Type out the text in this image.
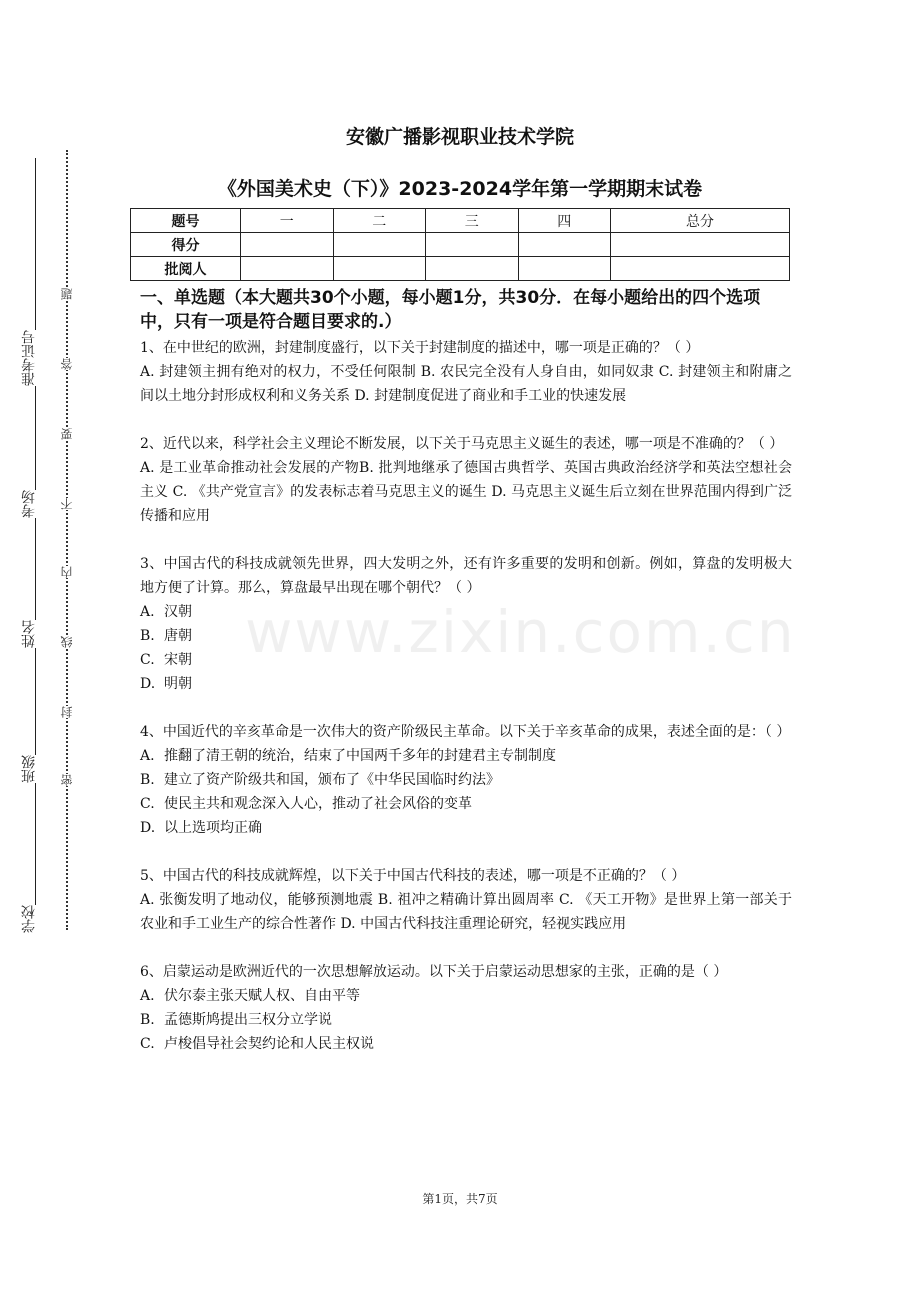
准考证号
考场
姓名
班级
学校
题
答
要
不
内
线
封
密
安徽广播影视职业技术学院
《外国美术史（下）》2023-2024学年第一学期期末试卷
题号	一	二	三	四	总分
得分					
批阅人					
www.zixin.com.cn
一、单选题（本大题共30个小题，每小题1分，共30分．在每小题给出的四个选项中，只有一项是符合题目要求的.）

1、在中世纪的欧洲，封建制度盛行，以下关于封建制度的描述中，哪一项是正确的？（ ）

A. 封建领主拥有绝对的权力，不受任何限制 B. 农民完全没有人身自由，如同奴隶 C. 封建领主和附庸之间以土地分封形成权利和义务关系 D. 封建制度促进了商业和手工业的快速发展

2、近代以来，科学社会主义理论不断发展，以下关于马克思主义诞生的表述，哪一项是不准确的？（ ）

A. 是工业革命推动社会发展的产物B. 批判地继承了德国古典哲学、英国古典政治经济学和英法空想社会主义 C. 《共产党宣言》的发表标志着马克思主义的诞生 D. 马克思主义诞生后立刻在世界范围内得到广泛传播和应用

3、中国古代的科技成就领先世界，四大发明之外，还有许多重要的发明和创新。例如，算盘的发明极大地方便了计算。那么，算盘最早出现在哪个朝代？（ ）

A. 汉朝

B. 唐朝

C. 宋朝

D. 明朝

4、中国近代的辛亥革命是一次伟大的资产阶级民主革命。以下关于辛亥革命的成果，表述全面的是：（ ）

A. 推翻了清王朝的统治，结束了中国两千多年的封建君主专制制度

B. 建立了资产阶级共和国，颁布了《中华民国临时约法》

C. 使民主共和观念深入人心，推动了社会风俗的变革

D. 以上选项均正确

5、中国古代的科技成就辉煌，以下关于中国古代科技的表述，哪一项是不正确的？（ ）

A. 张衡发明了地动仪，能够预测地震 B. 祖冲之精确计算出圆周率 C. 《天工开物》是世界上第一部关于农业和手工业生产的综合性著作 D. 中国古代科技注重理论研究，轻视实践应用

6、启蒙运动是欧洲近代的一次思想解放运动。以下关于启蒙运动思想家的主张，正确的是（ ）

A. 伏尔泰主张天赋人权、自由平等

B. 孟德斯鸠提出三权分立学说

C. 卢梭倡导社会契约论和人民主权说

第1页，共7页
